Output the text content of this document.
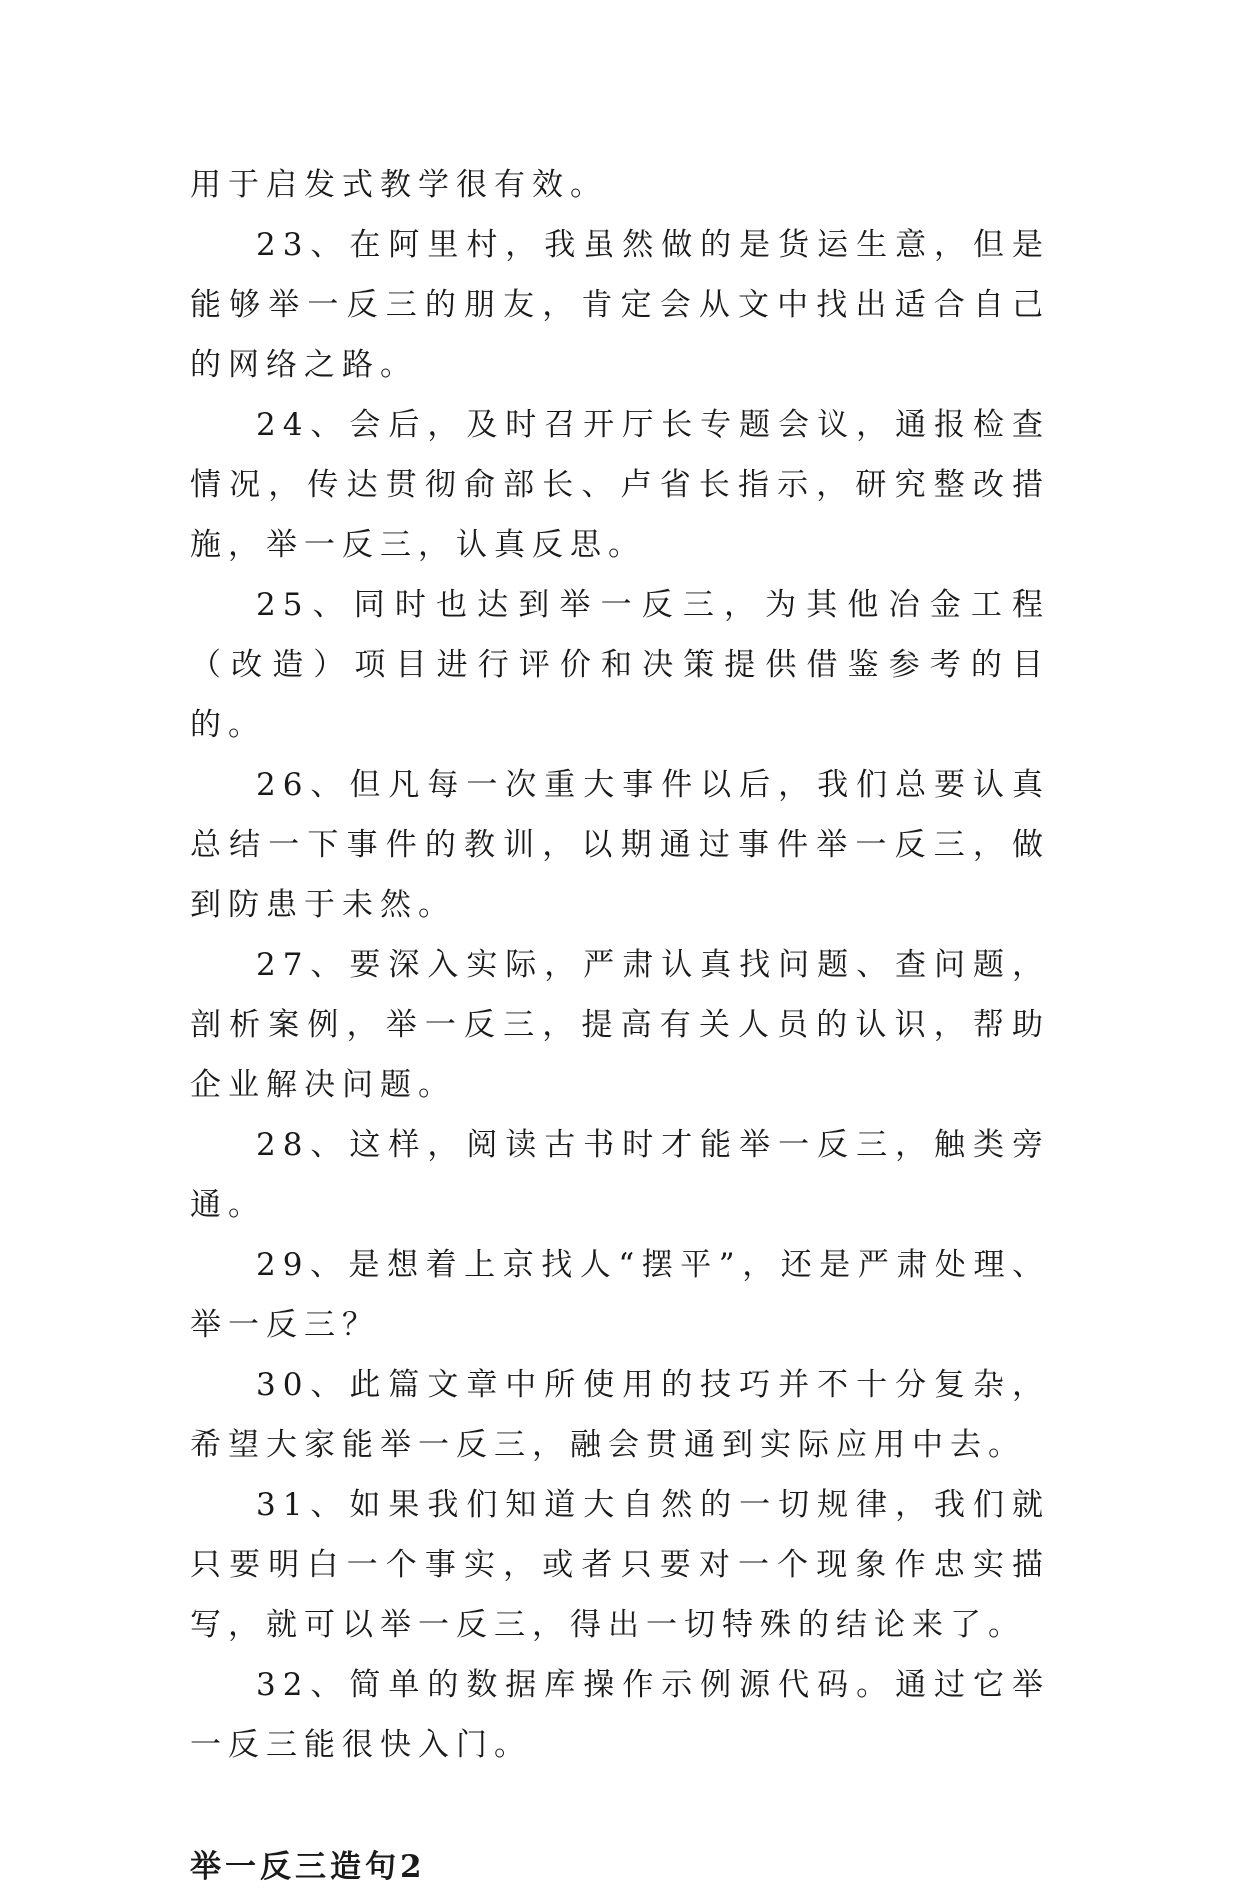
用于启发式教学很有效。

23、在阿里村，我虽然做的是货运生意，但是能够举一反三的朋友，肯定会从文中找出适合自己的网络之路。

24、会后，及时召开厅长专题会议，通报检查情况，传达贯彻俞部长、卢省长指示，研究整改措施，举一反三，认真反思。

25、同时也达到举一反三，为其他冶金工程（改造）项目进行评价和决策提供借鉴参考的目的。

26、但凡每一次重大事件以后，我们总要认真总结一下事件的教训，以期通过事件举一反三，做到防患于未然。

27、要深入实际，严肃认真找问题、查问题，剖析案例，举一反三，提高有关人员的认识，帮助企业解决问题。

28、这样，阅读古书时才能举一反三，触类旁通。

29、是想着上京找人“摆平”，还是严肃处理、举一反三？

30、此篇文章中所使用的技巧并不十分复杂，希望大家能举一反三，融会贯通到实际应用中去。

31、如果我们知道大自然的一切规律，我们就只要明白一个事实，或者只要对一个现象作忠实描写，就可以举一反三，得出一切特殊的结论来了。

32、简单的数据库操作示例源代码。通过它举一反三能很快入门。

举一反三造句2
